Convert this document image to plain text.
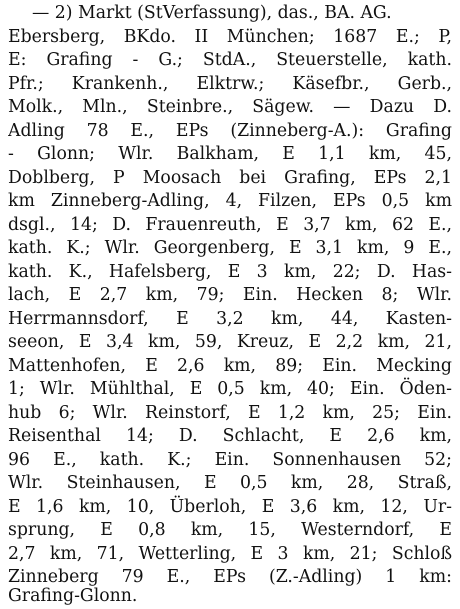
— 2) Markt (StVerfassung), das., BA. AG.
Ebersberg, BKdo. II München; 1687 E.; P,
E: Grafing - G.; StdA., Steuerstelle, kath.
Pfr.; Krankenh., Elktrw.; Käsefbr., Gerb.,
Molk., Mln., Steinbre., Sägew. — Dazu D.
Adling 78 E., EPs (Zinneberg-A.): Grafing
- Glonn; Wlr. Balkham, E 1,1 km, 45,
Doblberg, P Moosach bei Grafing, EPs 2,1
km Zinneberg-Adling, 4, Filzen, EPs 0,5 km
dsgl., 14; D. Frauenreuth, E 3,7 km, 62 E.,
kath. K.; Wlr. Georgenberg, E 3,1 km, 9 E.,
kath. K., Hafelsberg, E 3 km, 22; D. Has-
lach, E 2,7 km, 79; Ein. Hecken 8; Wlr.
Herrmannsdorf, E 3,2 km, 44, Kasten-
seeon, E 3,4 km, 59, Kreuz, E 2,2 km, 21,
Mattenhofen, E 2,6 km, 89; Ein. Mecking
1; Wlr. Mühlthal, E 0,5 km, 40; Ein. Öden-
hub 6; Wlr. Reinstorf, E 1,2 km, 25; Ein.
Reisenthal 14; D. Schlacht, E 2,6 km,
96 E., kath. K.; Ein. Sonnenhausen 52;
Wlr. Steinhausen, E 0,5 km, 28, Straß,
E 1,6 km, 10, Überloh, E 3,6 km, 12, Ur-
sprung, E 0,8 km, 15, Westerndorf, E
2,7 km, 71, Wetterling, E 3 km, 21; Schloß
Zinneberg 79 E., EPs (Z.-Adling) 1 km:
Grafing-Glonn.
